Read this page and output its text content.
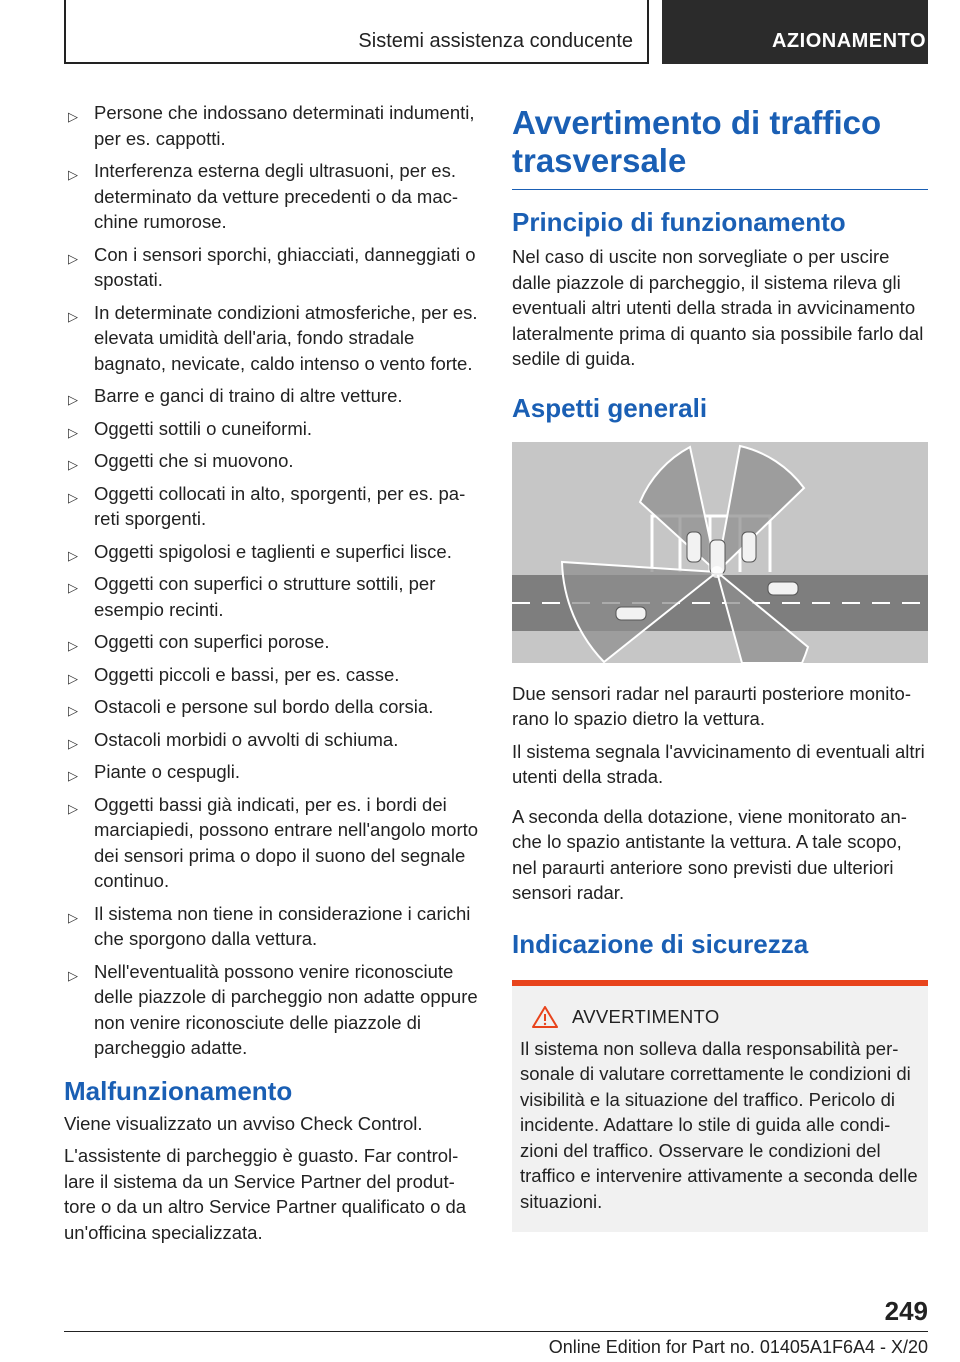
Sistemi assistenza conducente	AZIONAMENTO
▷ Persone che indossano determinati indumenti, per es. cappotti.
▷ Interferenza esterna degli ultrasuoni, per es. determinato da vetture precedenti o da macchine rumorose.
▷ Con i sensori sporchi, ghiacciati, danneggiati o spostati.
▷ In determinate condizioni atmosferiche, per es. elevata umidità dell'aria, fondo stradale bagnato, nevicate, caldo intenso o vento forte.
▷ Barre e ganci di traino di altre vetture.
▷ Oggetti sottili o cuneiformi.
▷ Oggetti che si muovono.
▷ Oggetti collocati in alto, sporgenti, per es. pareti sporgenti.
▷ Oggetti spigolosi e taglienti e superfici lisce.
▷ Oggetti con superfici o strutture sottili, per esempio recinti.
▷ Oggetti con superfici porose.
▷ Oggetti piccoli e bassi, per es. casse.
▷ Ostacoli e persone sul bordo della corsia.
▷ Ostacoli morbidi o avvolti di schiuma.
▷ Piante o cespugli.
▷ Oggetti bassi già indicati, per es. i bordi dei marciapiedi, possono entrare nell'angolo morto dei sensori prima o dopo il suono del segnale continuo.
▷ Il sistema non tiene in considerazione i carichi che sporgono dalla vettura.
▷ Nell'eventualità possono venire riconosciute delle piazzole di parcheggio non adatte oppure non venire riconosciute delle piazzole di parcheggio adatte.
Malfunzionamento

Viene visualizzato un avviso Check Control.

L'assistente di parcheggio è guasto. Far controllare il sistema da un Service Partner del produttore o da un altro Service Partner qualificato o da un'officina specializzata.

Avvertimento di traffico trasversale
Principio di funzionamento

Nel caso di uscite non sorvegliate o per uscire dalle piazzole di parcheggio, il sistema rileva gli eventuali altri utenti della strada in avvicinamento lateralmente prima di quanto sia possibile farlo dal sedile di guida.

Aspetti generali

Due sensori radar nel paraurti posteriore monitorano lo spazio dietro la vettura.

Il sistema segnala l'avvicinamento di eventuali altri utenti della strada.

A seconda della dotazione, viene monitorato anche lo spazio antistante la vettura. A tale scopo, nel paraurti anteriore sono previsti due ulteriori sensori radar.

Indicazione di sicurezza
AVVERTIMENTO
Il sistema non solleva dalla responsabilità personale di valutare correttamente le condizioni di visibilità e la situazione del traffico. Pericolo di incidente. Adattare lo stile di guida alle condizioni del traffico. Osservare le condizioni del traffico e intervenire attivamente a seconda delle situazioni.
249
Online Edition for Part no. 01405A1F6A4 - X/20
